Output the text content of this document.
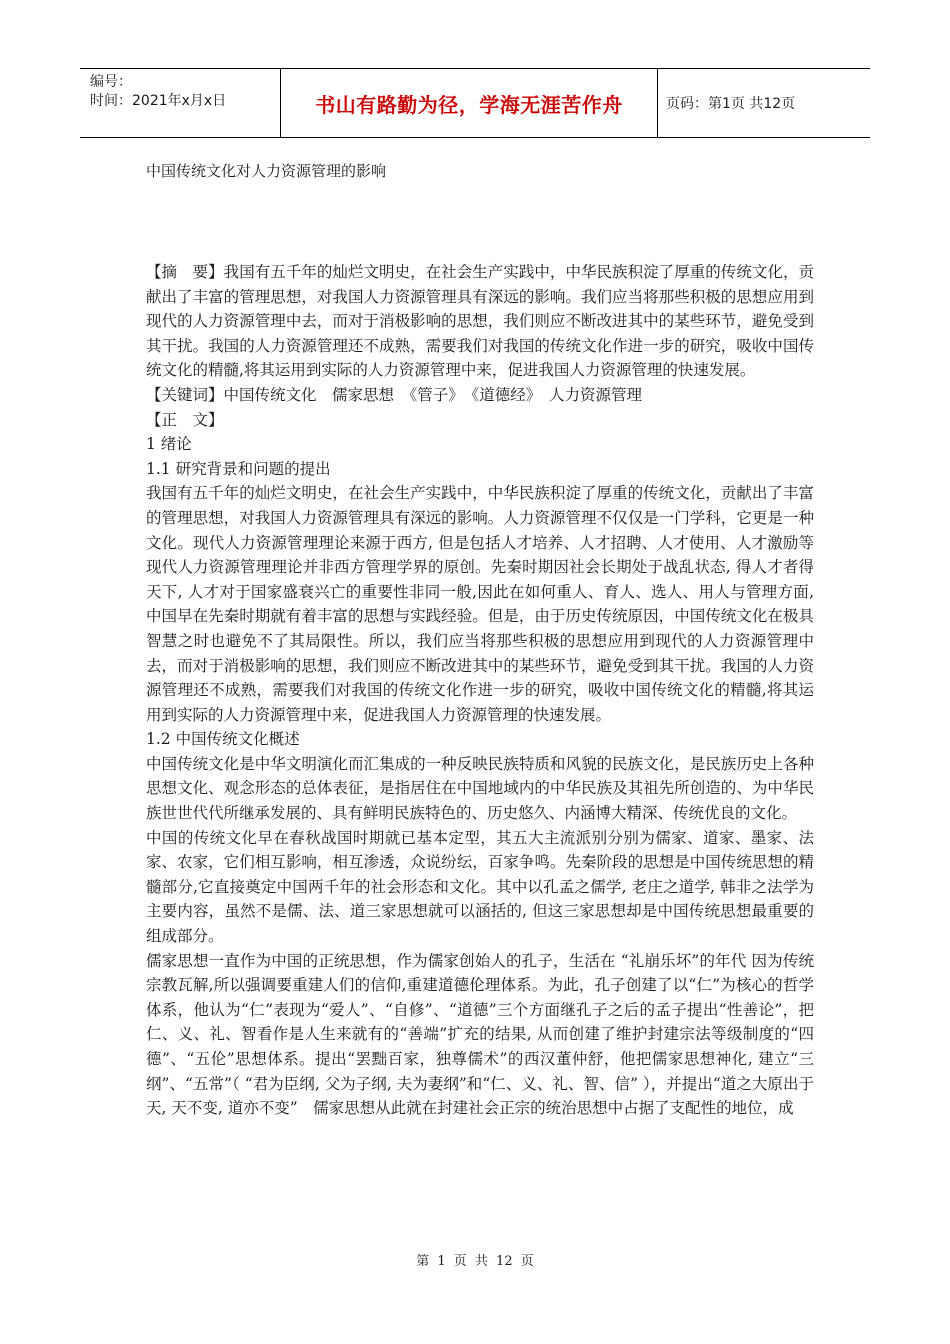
编号：
时间：2021年x月x日	书山有路勤为径，学海无涯苦作舟	页码：第1页 共12页
中国传统文化对人力资源管理的影响

【摘　要】我国有五千年的灿烂文明史，在社会生产实践中，中华民族积淀了厚重的传统文化，贡献出了丰富的管理思想，对我国人力资源管理具有深远的影响。我们应当将那些积极的思想应用到现代的人力资源管理中去，而对于消极影响的思想，我们则应不断改进其中的某些环节，避免受到其干扰。我国的人力资源管理还不成熟，需要我们对我国的传统文化作进一步的研究，吸收中国传统文化的精髓,将其运用到实际的人力资源管理中来，促进我国人力资源管理的快速发展。

【关键词】中国传统文化　儒家思想　《管子》　《道德经》　人力资源管理

【正　文】

1 绪论

1.1 研究背景和问题的提出

我国有五千年的灿烂文明史，在社会生产实践中，中华民族积淀了厚重的传统文化，贡献出了丰富的管理思想，对我国人力资源管理具有深远的影响。人力资源管理不仅仅是一门学科，它更是一种文化。现代人力资源管理理论来源于西方, 但是包括人才培养、人才招聘、人才使用、人才激励等现代人力资源管理理论并非西方管理学界的原创。先秦时期因社会长期处于战乱状态, 得人才者得天下, 人才对于国家盛衰兴亡的重要性非同一般,因此在如何重人、育人、选人、用人与管理方面, 中国早在先秦时期就有着丰富的思想与实践经验。但是，由于历史传统原因，中国传统文化在极具智慧之时也避免不了其局限性。所以，我们应当将那些积极的思想应用到现代的人力资源管理中去，而对于消极影响的思想，我们则应不断改进其中的某些环节，避免受到其干扰。我国的人力资源管理还不成熟，需要我们对我国的传统文化作进一步的研究，吸收中国传统文化的精髓,将其运用到实际的人力资源管理中来，促进我国人力资源管理的快速发展。

1.2 中国传统文化概述

中国传统文化是中华文明演化而汇集成的一种反映民族特质和风貌的民族文化，是民族历史上各种思想文化、观念形态的总体表征，是指居住在中国地域内的中华民族及其祖先所创造的、为中华民族世世代代所继承发展的、具有鲜明民族特色的、历史悠久、内涵博大精深、传统优良的文化。

中国的传统文化早在春秋战国时期就已基本定型，其五大主流派别分别为儒家、道家、墨家、法家、农家，它们相互影响，相互渗透，众说纷纭，百家争鸣。先秦阶段的思想是中国传统思想的精髓部分,它直接奠定中国两千年的社会形态和文化。其中以孔孟之儒学, 老庄之道学, 韩非之法学为主要内容，虽然不是儒、法、道三家思想就可以涵括的, 但这三家思想却是中国传统思想最重要的组成部分。

儒家思想一直作为中国的正统思想，作为儒家创始人的孔子，生活在 “礼崩乐坏”的年代 因为传统宗教瓦解,所以强调要重建人们的信仰,重建道德伦理体系。为此，孔子创建了以“仁”为核心的哲学体系，他认为“仁”表现为“爱人”、“自修”、“道德”三个方面继孔子之后的孟子提出“性善论”，把仁、义、礼、智看作是人生来就有的“善端”扩充的结果, 从而创建了维护封建宗法等级制度的“四德”、“五伦”思想体系。提出“罢黜百家，独尊儒术”的西汉董仲舒，他把儒家思想神化, 建立“三纲”、“五常”（ “君为臣纲, 父为子纲, 夫为妻纲”和“仁、义、礼、智、信” ），并提出“道之大原出于天, 天不变, 道亦不变”　儒家思想从此就在封建社会正宗的统治思想中占据了支配性的地位，成

第 1 页 共 12 页
